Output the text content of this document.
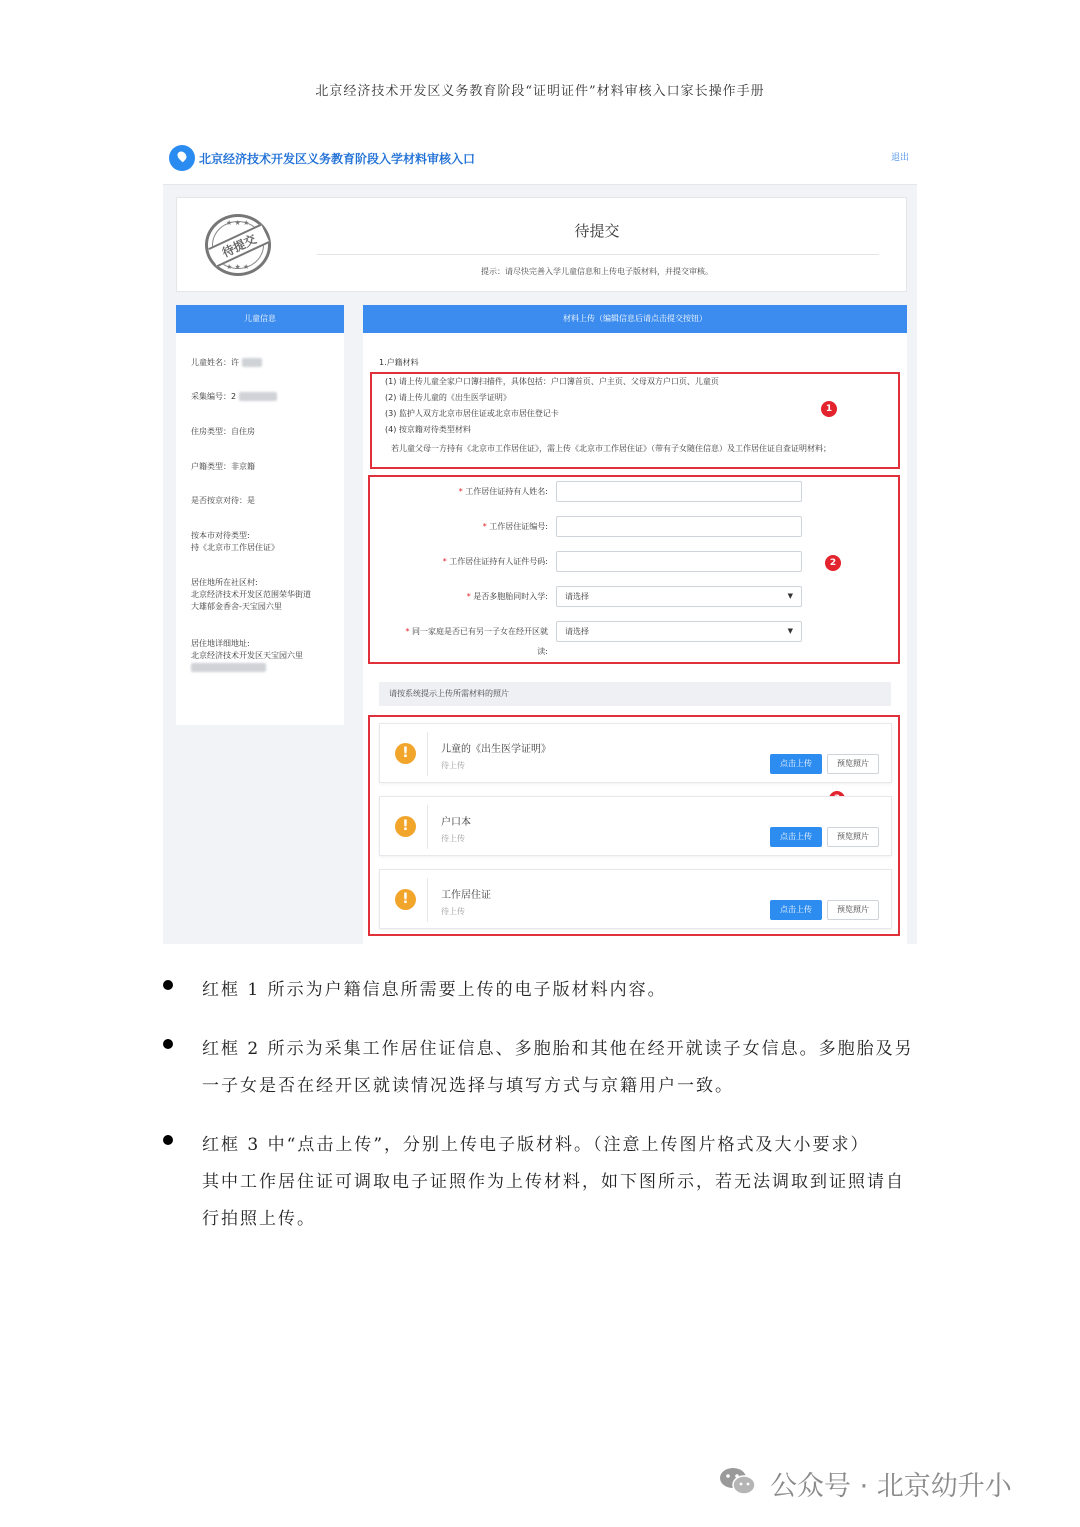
北京经济技术开发区义务教育阶段“证明证件”材料审核入口家长操作手册
北京经济技术开发区义务教育阶段入学材料审核入口	退出
★ ★ ★
★ ★ ★
待提交
待提交
提示：请尽快完善入学儿童信息和上传电子版材料，并提交审核。
儿童信息
儿童姓名：许
采集编号：2
住房类型：自住房
户籍类型：非京籍
是否按京对待：是
按本市对待类型:
持《北京市工作居住证》
居住地所在社区村:
北京经济技术开发区范围荣华街道
大雄郁金香舍-天宝园六里
居住地详细地址:
北京经济技术开发区天宝园六里
材料上传（编辑信息后请点击提交按钮）
1.户籍材料
(1) 请上传儿童全家户口簿扫描件，具体包括：户口簿首页、户主页、父母双方户口页、儿童页
(2) 请上传儿童的《出生医学证明》
(3) 监护人双方北京市居住证或北京市居住登记卡
(4) 按京籍对待类型材料
若儿童父母一方持有《北京市工作居住证》，需上传《北京市工作居住证》（带有子女随住信息）及工作居住证自查证明材料；
1
* 工作居住证持有人姓名:
* 工作居住证编号:
* 工作居住证持有人证件号码:
* 是否多胞胎同时入学:	请选择	▼
* 同一家庭是否已有另一子女在经开区就
读:
请选择	▼
2
请按系统提示上传所需材料的照片
!	儿童的《出生医学证明》
待上传	点击上传	预览照片
!	户口本
待上传	点击上传	预览照片
!	工作居住证
待上传	点击上传	预览照片
红框 1 所示为户籍信息所需要上传的电子版材料内容。
红框 2 所示为采集工作居住证信息、多胞胎和其他在经开就读子女信息。多胞胎及另
一子女是否在经开区就读情况选择与填写方式与京籍用户一致。
红框 3 中“点击上传”，分别上传电子版材料。（注意上传图片格式及大小要求）
其中工作居住证可调取电子证照作为上传材料，如下图所示，若无法调取到证照请自
行拍照上传。
公众号 · 北京幼升小
